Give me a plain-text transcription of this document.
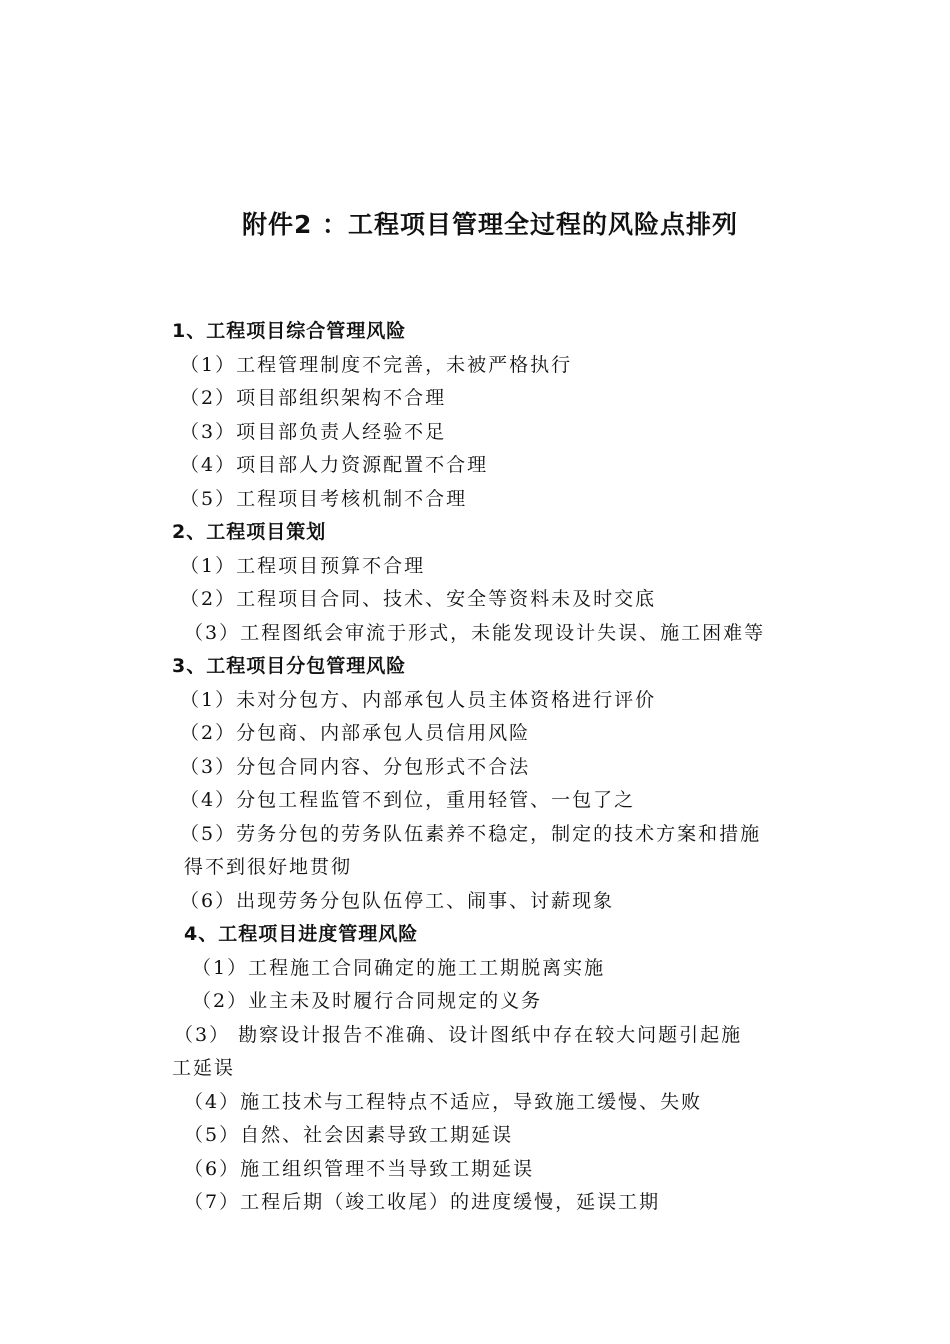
附件2 ：工程项目管理全过程的风险点排列
1、工程项目综合管理风险
（1）工程管理制度不完善，未被严格执行
（2）项目部组织架构不合理
（3）项目部负责人经验不足
（4）项目部人力资源配置不合理
（5）工程项目考核机制不合理
2、工程项目策划
（1）工程项目预算不合理
（2）工程项目合同、技术、安全等资料未及时交底
（3）工程图纸会审流于形式，未能发现设计失误、施工困难等
3、工程项目分包管理风险
（1）未对分包方、内部承包人员主体资格进行评价
（2）分包商、内部承包人员信用风险
（3）分包合同内容、分包形式不合法
（4）分包工程监管不到位，重用轻管、一包了之
（5）劳务分包的劳务队伍素养不稳定，制定的技术方案和措施
得不到很好地贯彻
（6）出现劳务分包队伍停工、闹事、讨薪现象
4、工程项目进度管理风险
（1）工程施工合同确定的施工工期脱离实施
（2）业主未及时履行合同规定的义务
（3） 勘察设计报告不准确、设计图纸中存在较大问题引起施
工延误
（4）施工技术与工程特点不适应，导致施工缓慢、失败
（5）自然、社会因素导致工期延误
（6）施工组织管理不当导致工期延误
（7）工程后期（竣工收尾）的进度缓慢，延误工期
